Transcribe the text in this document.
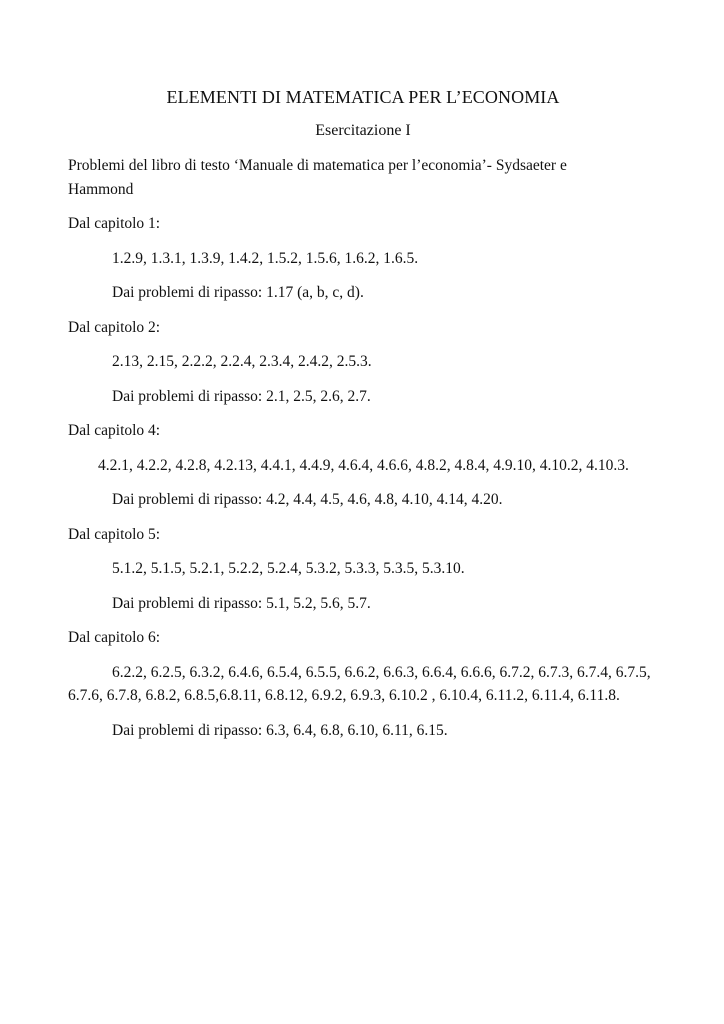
ELEMENTI DI MATEMATICA PER L’ECONOMIA
Esercitazione I

Problemi del libro di testo ‘Manuale di matematica per l’economia’- Sydsaeter e Hammond

Dal capitolo 1:

1.2.9, 1.3.1, 1.3.9, 1.4.2, 1.5.2, 1.5.6, 1.6.2, 1.6.5.

Dai problemi di ripasso: 1.17 (a, b, c, d).

Dal capitolo 2:

2.13, 2.15, 2.2.2, 2.2.4, 2.3.4, 2.4.2, 2.5.3.

Dai problemi di ripasso: 2.1, 2.5, 2.6, 2.7.

Dal capitolo 4:

4.2.1, 4.2.2, 4.2.8, 4.2.13, 4.4.1, 4.4.9, 4.6.4, 4.6.6, 4.8.2, 4.8.4, 4.9.10, 4.10.2, 4.10.3.

Dai problemi di ripasso: 4.2, 4.4, 4.5, 4.6, 4.8, 4.10, 4.14, 4.20.

Dal capitolo 5:

5.1.2, 5.1.5, 5.2.1, 5.2.2, 5.2.4, 5.3.2, 5.3.3, 5.3.5, 5.3.10.

Dai problemi di ripasso: 5.1, 5.2, 5.6, 5.7.

Dal capitolo 6:

6.2.2, 6.2.5, 6.3.2, 6.4.6, 6.5.4, 6.5.5, 6.6.2, 6.6.3, 6.6.4, 6.6.6, 6.7.2, 6.7.3, 6.7.4, 6.7.5, 6.7.6, 6.7.8, 6.8.2, 6.8.5,6.8.11, 6.8.12, 6.9.2, 6.9.3, 6.10.2 , 6.10.4, 6.11.2, 6.11.4, 6.11.8.

Dai problemi di ripasso: 6.3, 6.4, 6.8, 6.10, 6.11, 6.15.
